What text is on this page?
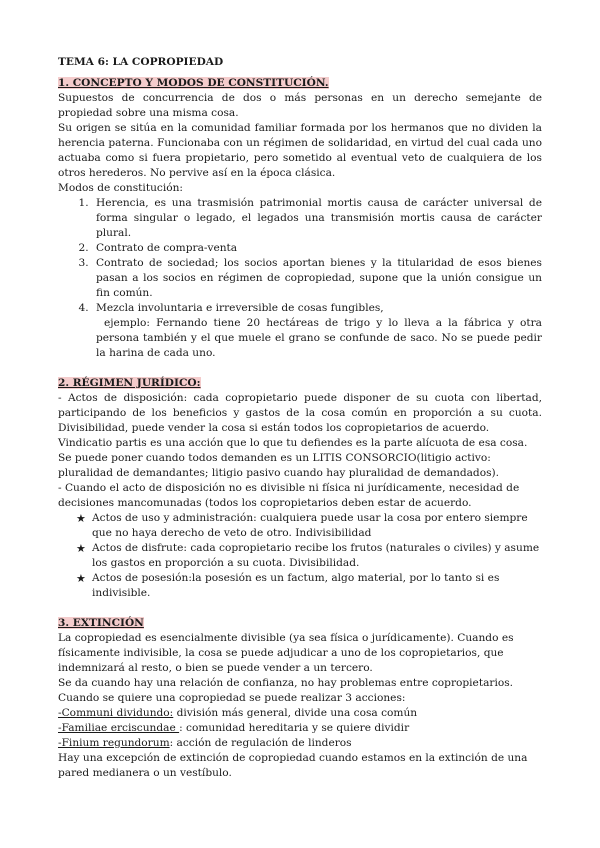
TEMA 6: LA COPROPIEDAD

1. CONCEPTO Y MODOS DE CONSTITUCIÓN.

Supuestos de concurrencia de dos o más personas en un derecho semejante de propiedad sobre una misma cosa.

Su origen se sitúa en la comunidad familiar formada por los hermanos que no dividen la herencia paterna. Funcionaba con un régimen de solidaridad, en virtud del cual cada uno actuaba como si fuera propietario, pero sometido al eventual veto de cualquiera de los otros herederos. No pervive así en la época clásica.

Modos de constitución:

1. Herencia, es una trasmisión patrimonial mortis causa de carácter universal de forma singular o legado, el legados una transmisión mortis causa de carácter plural.
2. Contrato de compra-venta
3. Contrato de sociedad; los socios aportan bienes y la titularidad de esos bienes pasan a los socios en régimen de copropiedad, supone que la unión consigue un fin común.
4. Mezcla involuntaria e irreversible de cosas fungibles,
ejemplo: Fernando tiene 20 hectáreas de trigo y lo lleva a la fábrica y otra persona también y el que muele el grano se confunde de saco. No se puede pedir la harina de cada uno.

2. RÉGIMEN JURÍDICO:

- Actos de disposición: cada copropietario puede disponer de su cuota con libertad, participando de los beneficios y gastos de la cosa común en proporción a su cuota. Divisibilidad, puede vender la cosa si están todos los copropietarios de acuerdo.

Vindicatio partis es una acción que lo que tu defiendes es la parte alícuota de esa cosa.

Se puede poner cuando todos demanden es un LITIS CONSORCIO(litigio activo: pluralidad de demandantes; litigio pasivo cuando hay pluralidad de demandados).

- Cuando el acto de disposición no es divisible ni física ni jurídicamente, necesidad de decisiones mancomunadas (todos los copropietarios deben estar de acuerdo.

★ Actos de uso y administración: cualquiera puede usar la cosa por entero siempre que no haya derecho de veto de otro. Indivisibilidad
★ Actos de disfrute: cada copropietario recibe los frutos (naturales o civiles) y asume los gastos en proporción a su cuota. Divisibilidad.
★ Actos de posesión:la posesión es un factum, algo material, por lo tanto si es indivisible.

3. EXTINCIÓN

La copropiedad es esencialmente divisible (ya sea física o jurídicamente). Cuando es físicamente indivisible, la cosa se puede adjudicar a uno de los copropietarios, que indemnizará al resto, o bien se puede vender a un tercero.

Se da cuando hay una relación de confianza, no hay problemas entre copropietarios. Cuando se quiere una copropiedad se puede realizar 3 acciones:

-Communi dividundo: división más general, divide una cosa común

-Familiae erciscundae : comunidad hereditaria y se quiere dividir

-Finium regundorum: acción de regulación de linderos

Hay una excepción de extinción de copropiedad cuando estamos en la extinción de una pared medianera o un vestíbulo.
